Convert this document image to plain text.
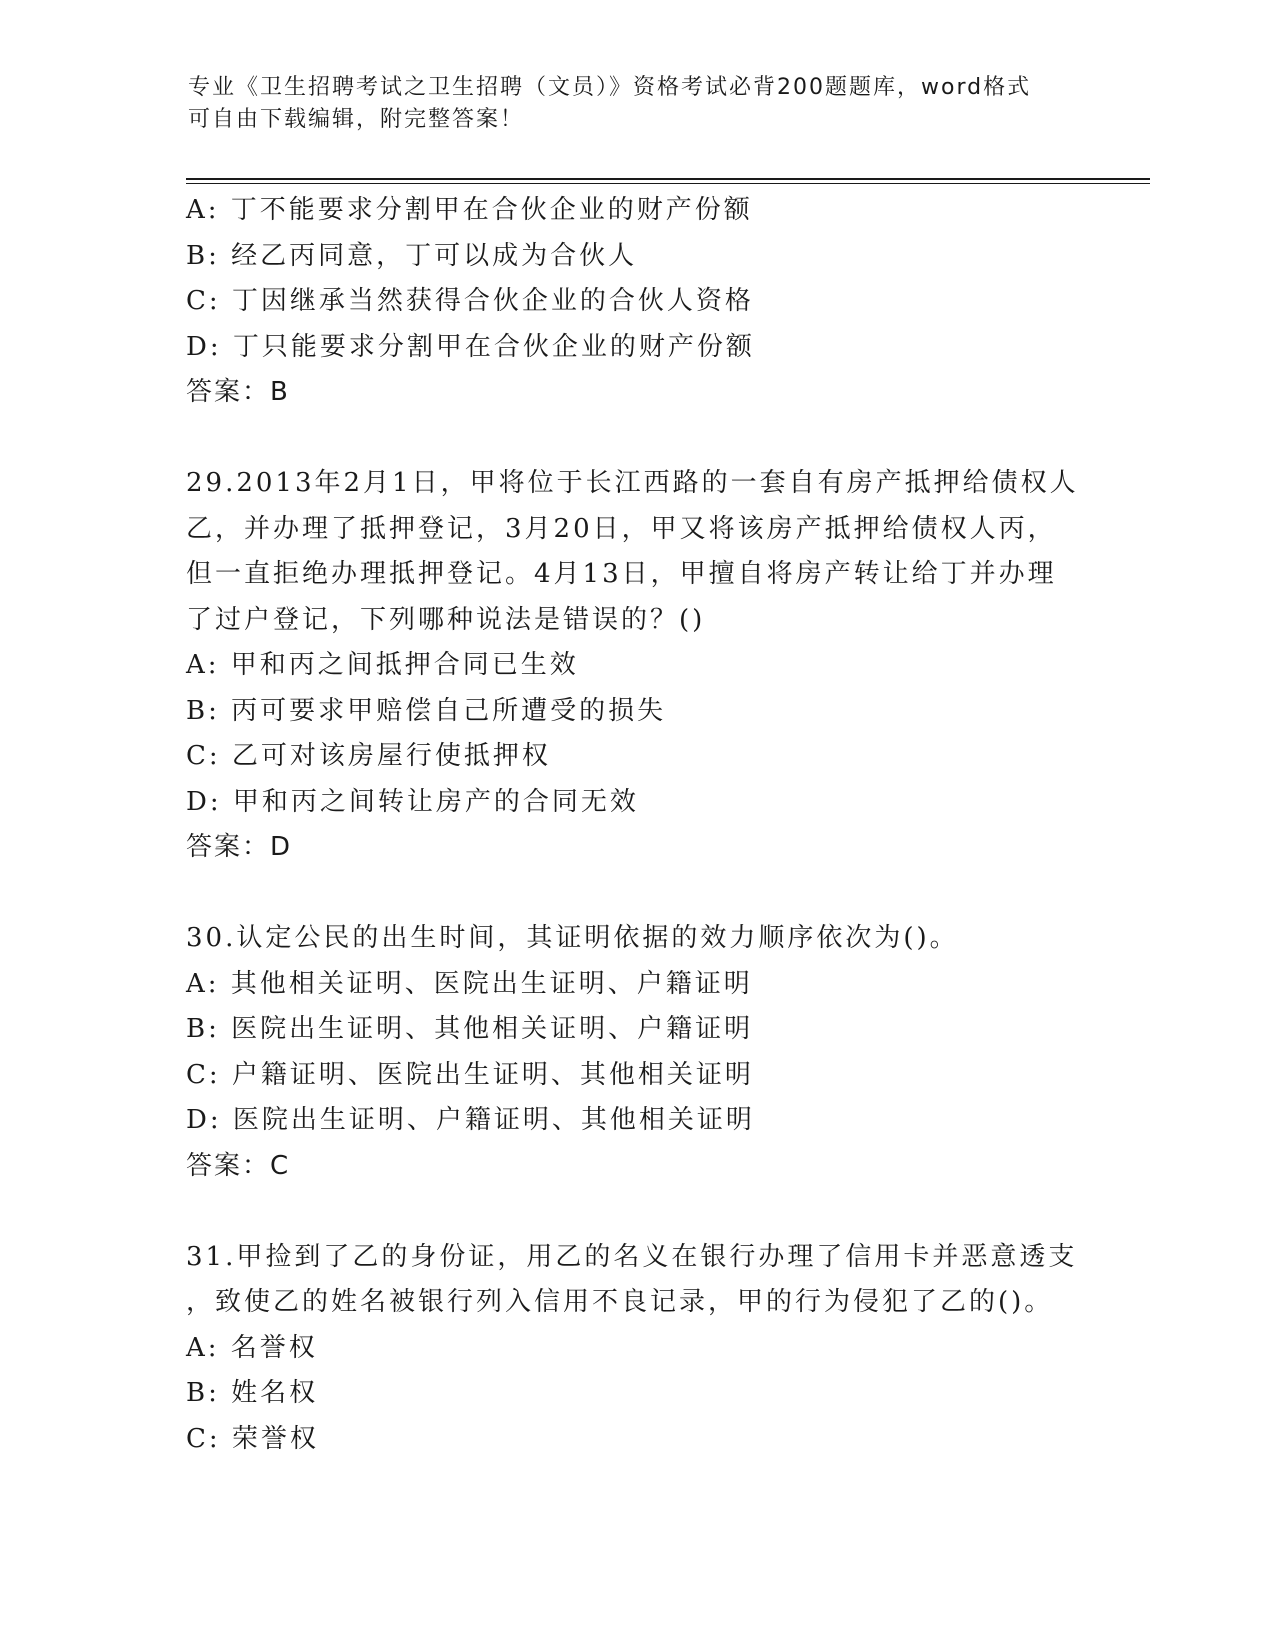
专业《卫生招聘考试之卫生招聘（文员）》资格考试必背200题题库，word格式
可自由下载编辑，附完整答案！
A: 丁不能要求分割甲在合伙企业的财产份额
B: 经乙丙同意，丁可以成为合伙人
C: 丁因继承当然获得合伙企业的合伙人资格
D: 丁只能要求分割甲在合伙企业的财产份额
答案：B
29.2013年2月1日，甲将位于长江西路的一套自有房产抵押给债权人
乙，并办理了抵押登记，3月20日，甲又将该房产抵押给债权人丙，
但一直拒绝办理抵押登记。4月13日，甲擅自将房产转让给丁并办理
了过户登记，下列哪种说法是错误的？()
A: 甲和丙之间抵押合同已生效
B: 丙可要求甲赔偿自己所遭受的损失
C: 乙可对该房屋行使抵押权
D: 甲和丙之间转让房产的合同无效
答案：D
30.认定公民的出生时间，其证明依据的效力顺序依次为()。
A: 其他相关证明、医院出生证明、户籍证明
B: 医院出生证明、其他相关证明、户籍证明
C: 户籍证明、医院出生证明、其他相关证明
D: 医院出生证明、户籍证明、其他相关证明
答案：C
31.甲捡到了乙的身份证，用乙的名义在银行办理了信用卡并恶意透支
，致使乙的姓名被银行列入信用不良记录，甲的行为侵犯了乙的()。
A: 名誉权
B: 姓名权
C: 荣誉权
